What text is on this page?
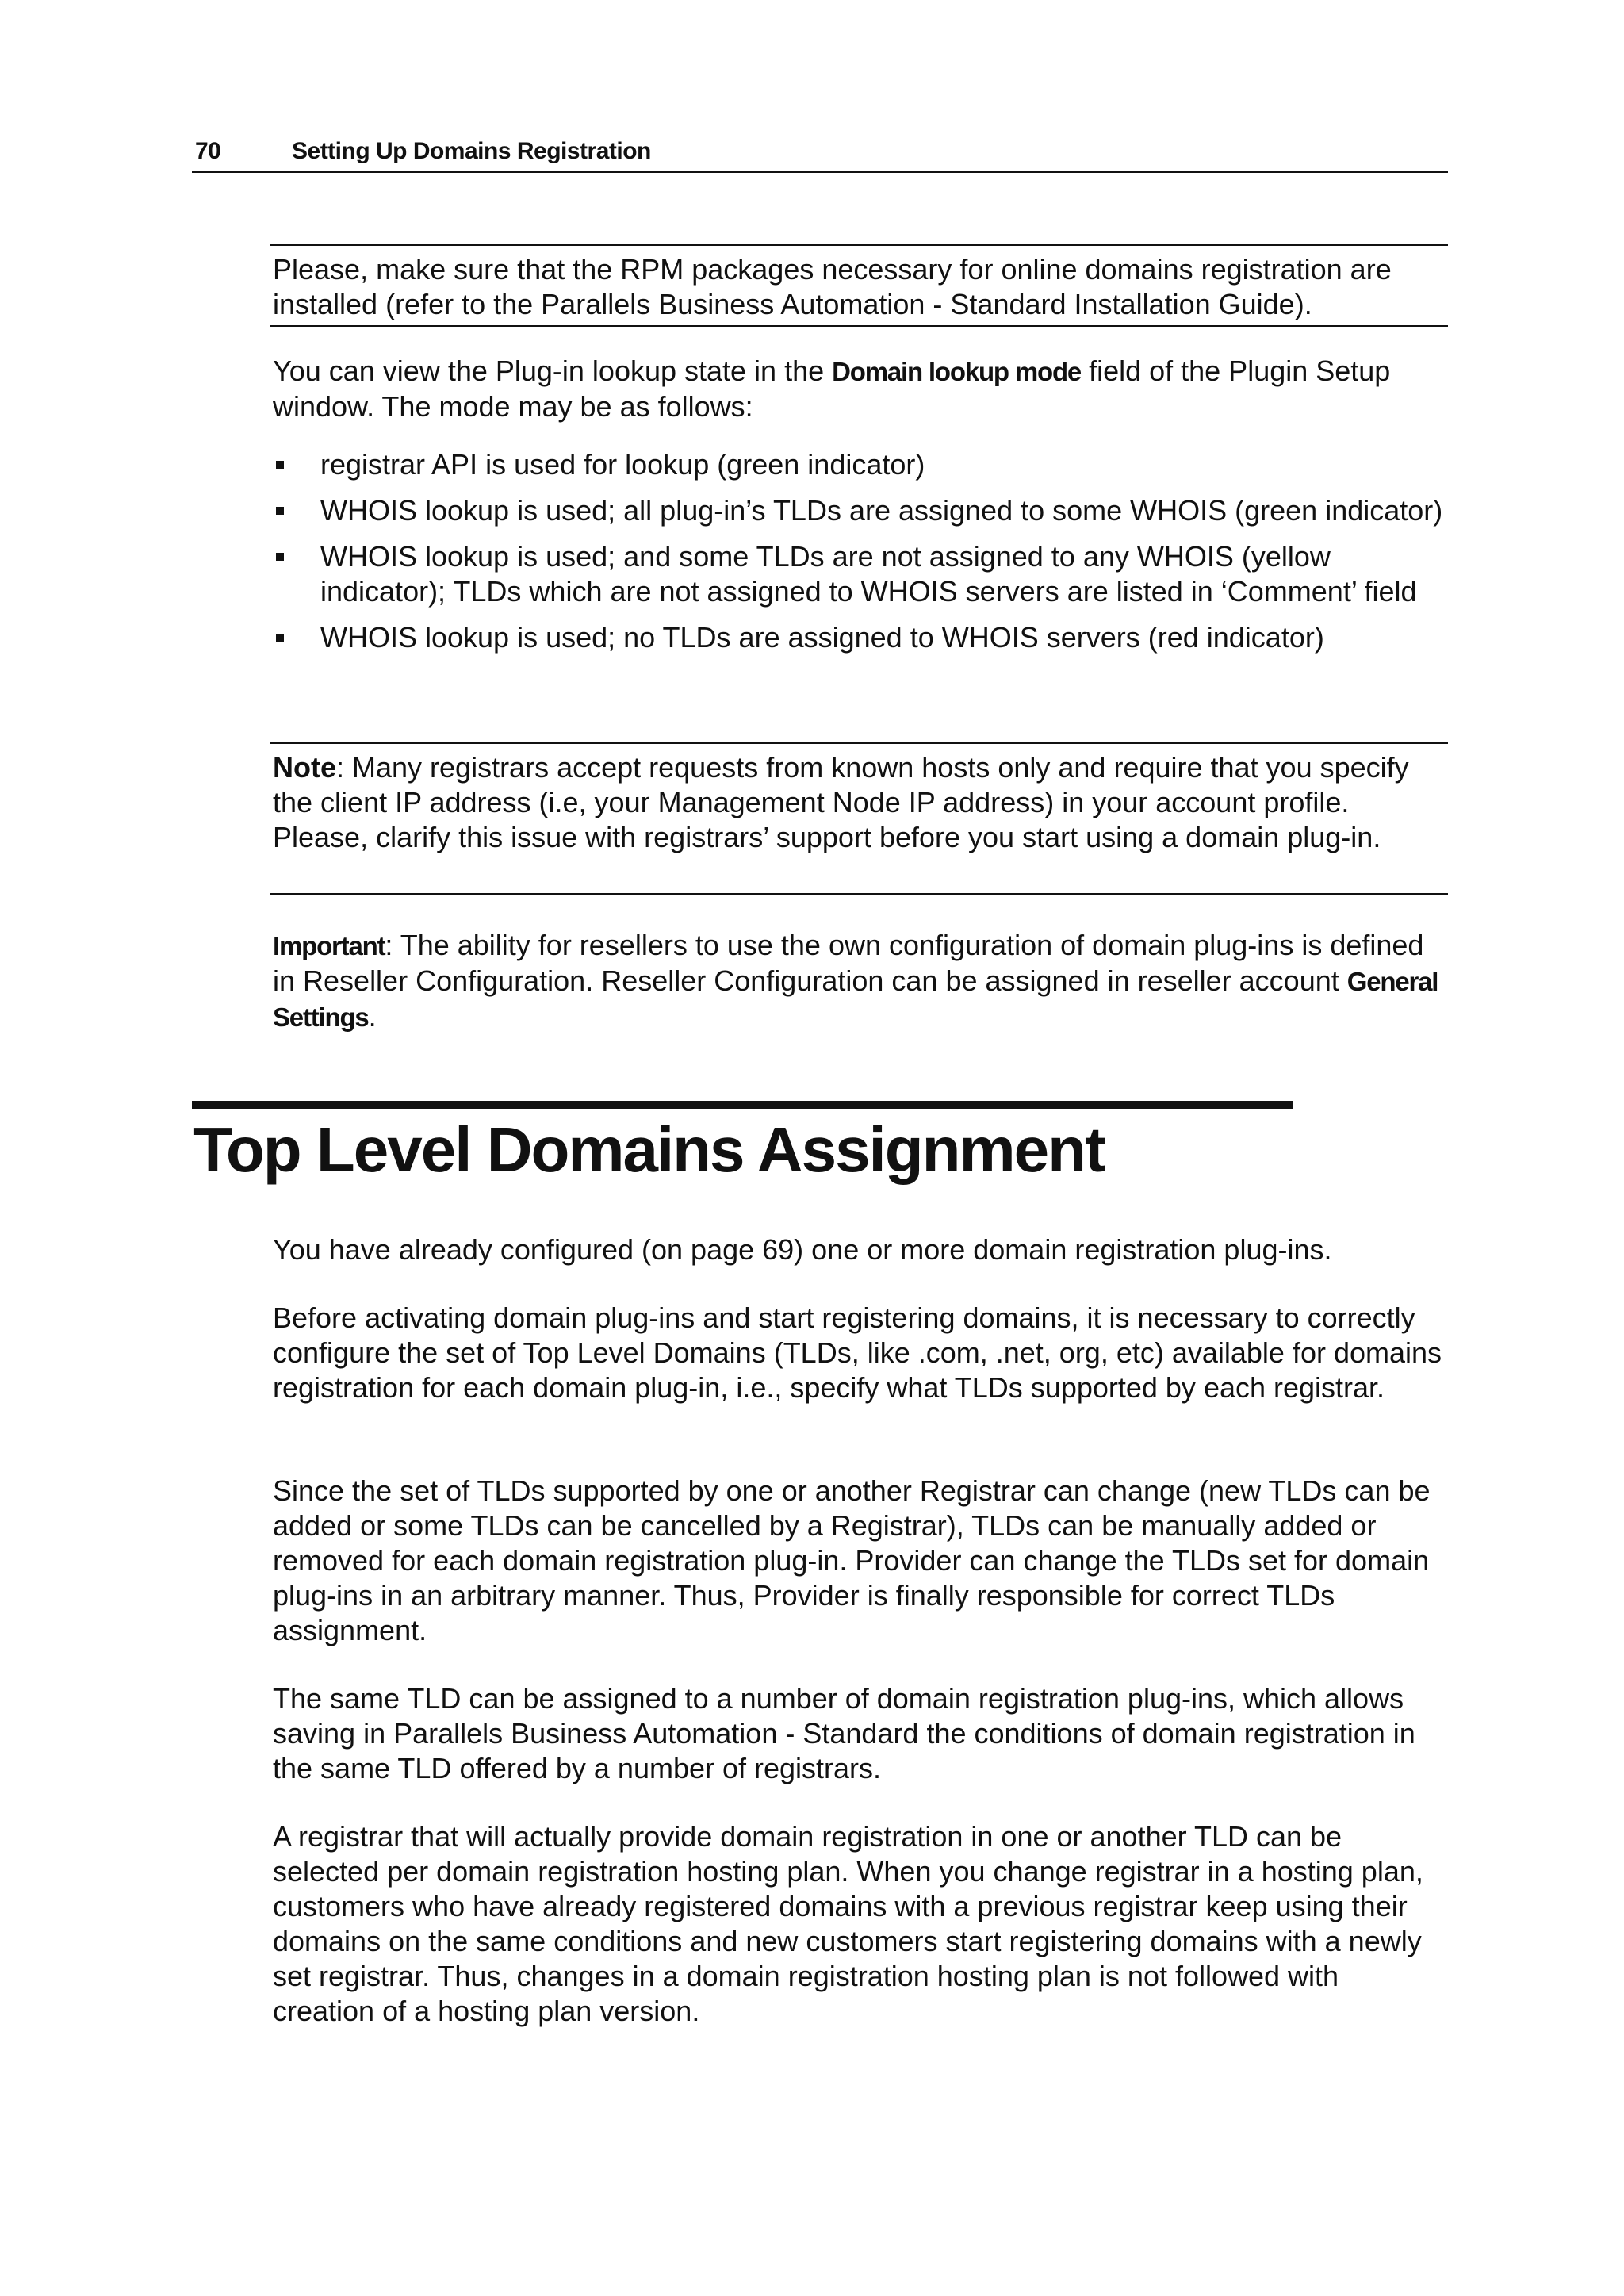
70	Setting Up Domains Registration

Please, make sure that the RPM packages necessary for online domains registration are installed (refer to the Parallels Business Automation - Standard Installation Guide).

You can view the Plug-in lookup state in the Domain lookup mode field of the Plugin Setup window. The mode may be as follows:

registrar API is used for lookup (green indicator)
WHOIS lookup is used; all plug-in’s TLDs are assigned to some WHOIS (green indicator)
WHOIS lookup is used; and some TLDs are not assigned to any WHOIS (yellow indicator); TLDs which are not assigned to WHOIS servers are listed in ‘Comment’ field
WHOIS lookup is used; no TLDs are assigned to WHOIS servers (red indicator)

Note: Many registrars accept requests from known hosts only and require that you specify the client IP address (i.e, your Management Node IP address) in your account profile. Please, clarify this issue with registrars’ support before you start using a domain plug-in.

Important: The ability for resellers to use the own configuration of domain plug-ins is defined in Reseller Configuration. Reseller Configuration can be assigned in reseller account General Settings.

Top Level Domains Assignment

You have already configured (on page 69) one or more domain registration plug-ins.

Before activating domain plug-ins and start registering domains, it is necessary to correctly configure the set of Top Level Domains (TLDs, like .com, .net, org, etc) available for domains registration for each domain plug-in, i.e., specify what TLDs supported by each registrar.

Since the set of TLDs supported by one or another Registrar can change (new TLDs can be added or some TLDs can be cancelled by a Registrar), TLDs can be manually added or removed for each domain registration plug-in. Provider can change the TLDs set for domain plug-ins in an arbitrary manner. Thus, Provider is finally responsible for correct TLDs assignment.

The same TLD can be assigned to a number of domain registration plug-ins, which allows saving in Parallels Business Automation - Standard the conditions of domain registration in the same TLD offered by a number of registrars.

A registrar that will actually provide domain registration in one or another TLD can be selected per domain registration hosting plan. When you change registrar in a hosting plan, customers who have already registered domains with a previous registrar keep using their domains on the same conditions and new customers start registering domains with a newly set registrar. Thus, changes in a domain registration hosting plan is not followed with creation of a hosting plan version.
